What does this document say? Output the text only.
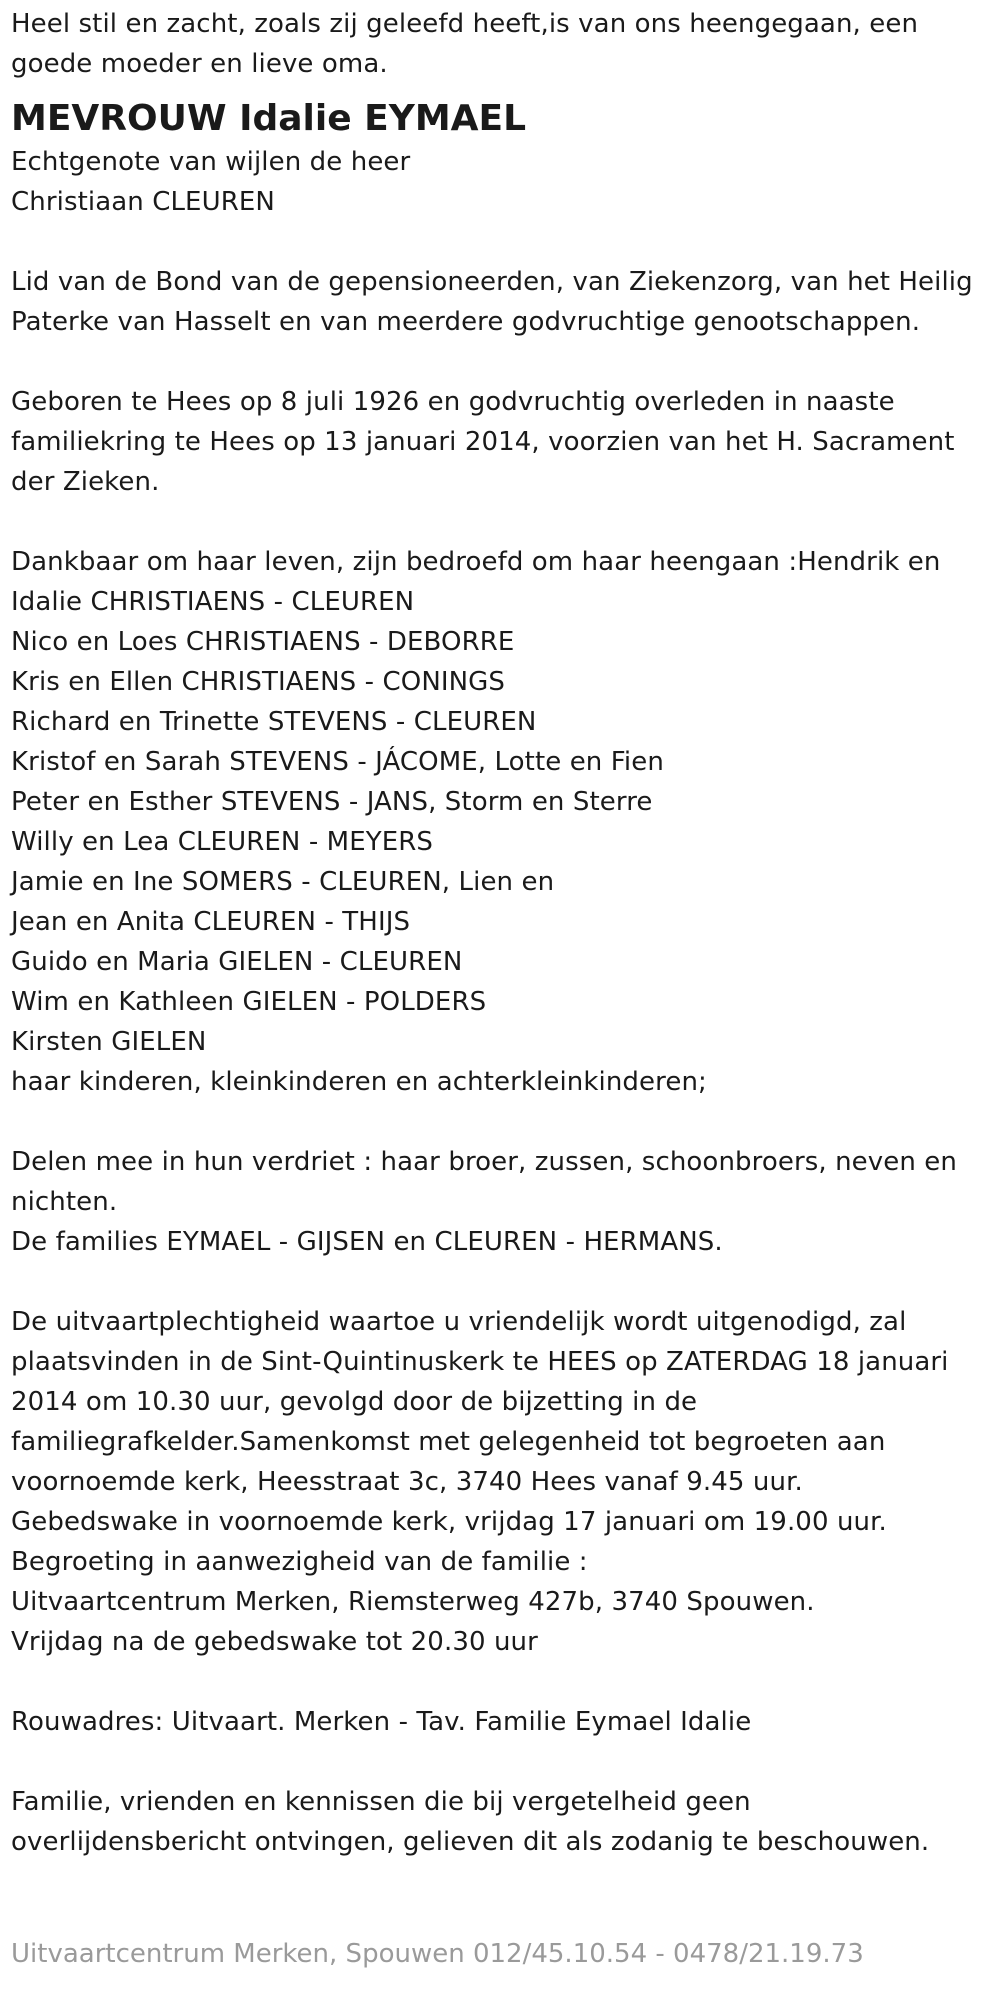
Heel stil en zacht, zoals zij geleefd heeft,is van ons heengegaan, een
goede moeder en lieve oma.
MEVROUW Idalie EYMAEL
Echtgenote van wijlen de heer
Christiaan CLEUREN
Lid van de Bond van de gepensioneerden, van Ziekenzorg, van het Heilig
Paterke van Hasselt en van meerdere godvruchtige genootschappen.
Geboren te Hees op 8 juli 1926 en godvruchtig overleden in naaste
familiekring te Hees op 13 januari 2014, voorzien van het H. Sacrament
der Zieken.
Dankbaar om haar leven, zijn bedroefd om haar heengaan :Hendrik en
Idalie CHRISTIAENS - CLEUREN
Nico en Loes CHRISTIAENS - DEBORRE
Kris en Ellen CHRISTIAENS - CONINGS
Richard en Trinette STEVENS - CLEUREN
Kristof en Sarah STEVENS - JÁCOME, Lotte en Fien
Peter en Esther STEVENS - JANS, Storm en Sterre
Willy en Lea CLEUREN - MEYERS
Jamie en Ine SOMERS - CLEUREN, Lien en
Jean en Anita CLEUREN - THIJS
Guido en Maria GIELEN - CLEUREN
Wim en Kathleen GIELEN - POLDERS
Kirsten GIELEN
haar kinderen, kleinkinderen en achterkleinkinderen;
Delen mee in hun verdriet : haar broer, zussen, schoonbroers, neven en
nichten.
De families EYMAEL - GIJSEN en CLEUREN - HERMANS.
De uitvaartplechtigheid waartoe u vriendelijk wordt uitgenodigd, zal
plaatsvinden in de Sint-Quintinuskerk te HEES op ZATERDAG 18 januari
2014 om 10.30 uur, gevolgd door de bijzetting in de
familiegrafkelder.Samenkomst met gelegenheid tot begroeten aan
voornoemde kerk, Heesstraat 3c, 3740 Hees vanaf 9.45 uur.
Gebedswake in voornoemde kerk, vrijdag 17 januari om 19.00 uur.
Begroeting in aanwezigheid van de familie :
Uitvaartcentrum Merken, Riemsterweg 427b, 3740 Spouwen.
Vrijdag na de gebedswake tot 20.30 uur
Rouwadres: Uitvaart. Merken - Tav. Familie Eymael Idalie
Familie, vrienden en kennissen die bij vergetelheid geen
overlijdensbericht ontvingen, gelieven dit als zodanig te beschouwen.
Uitvaartcentrum Merken, Spouwen 012/45.10.54 - 0478/21.19.73
